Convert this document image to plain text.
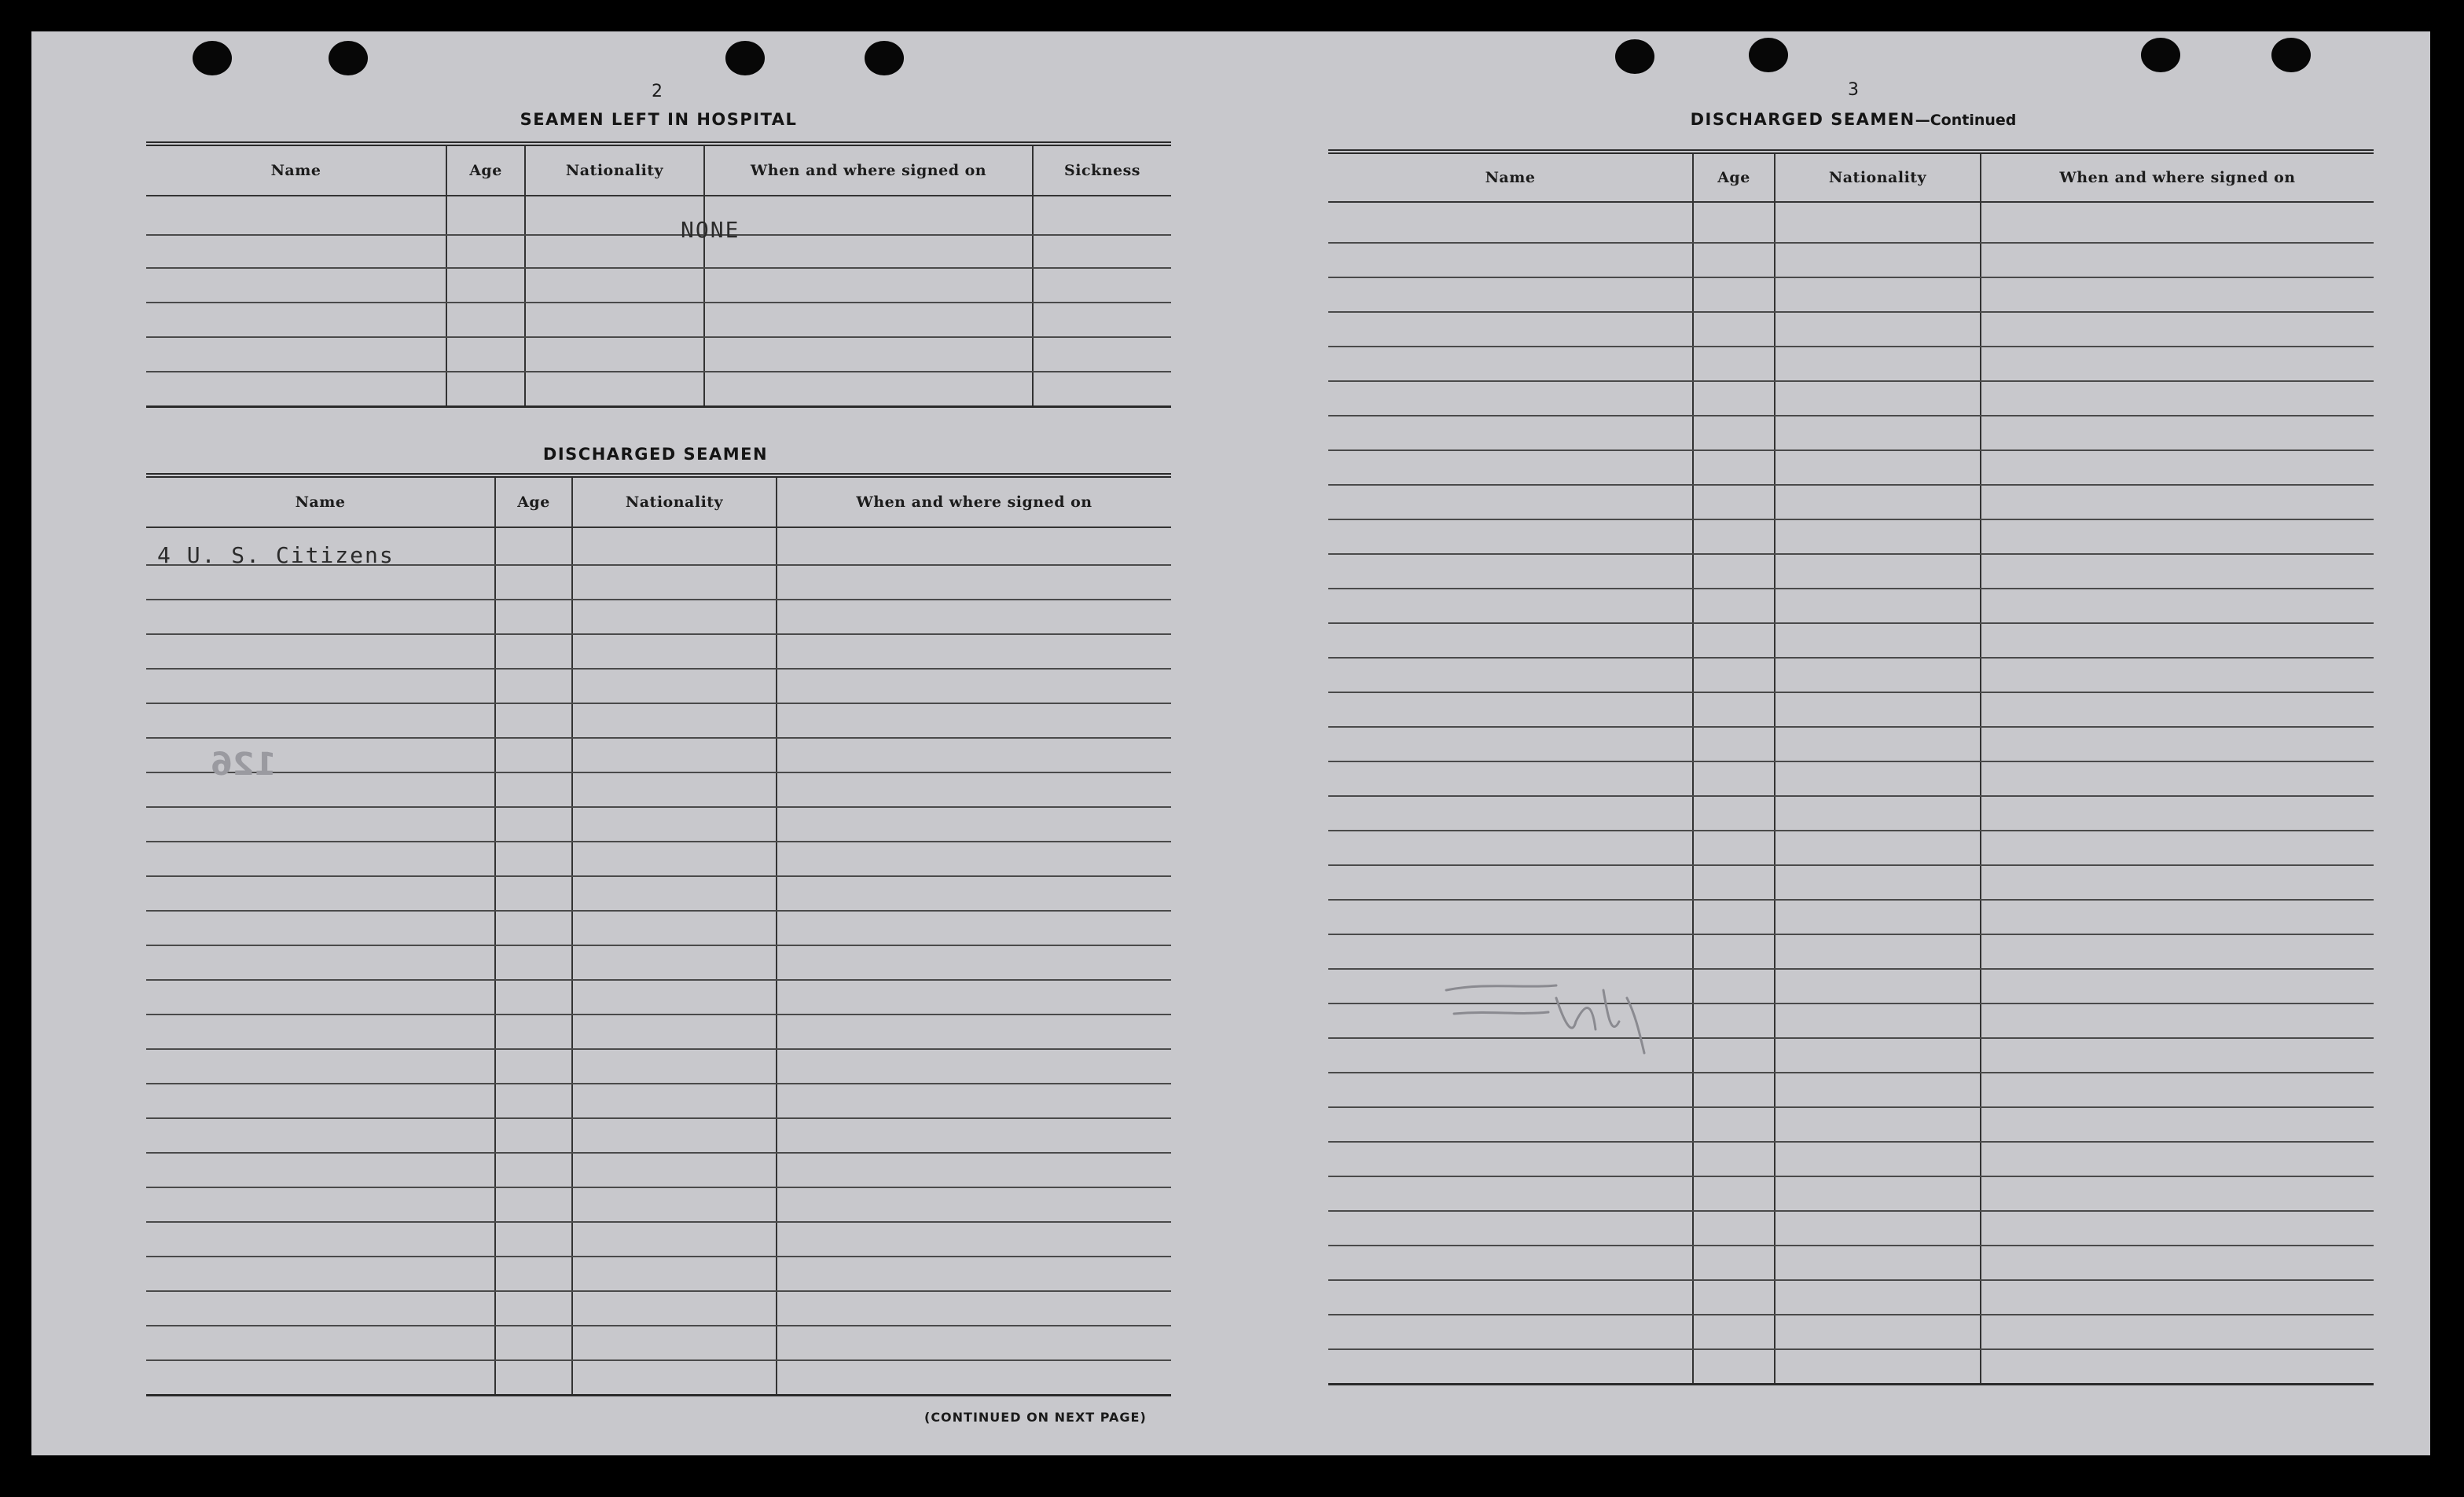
2
SEAMEN LEFT IN HOSPITAL
Name	Age	Nationality	When and where signed on	Sickness

NONE
DISCHARGED SEAMEN
Name	Age	Nationality	When and where signed on

4 U. S. Citizens
126
(CONTINUED ON NEXT PAGE)
3
DISCHARGED SEAMEN—Continued
Name	Age	Nationality	When and where signed on
